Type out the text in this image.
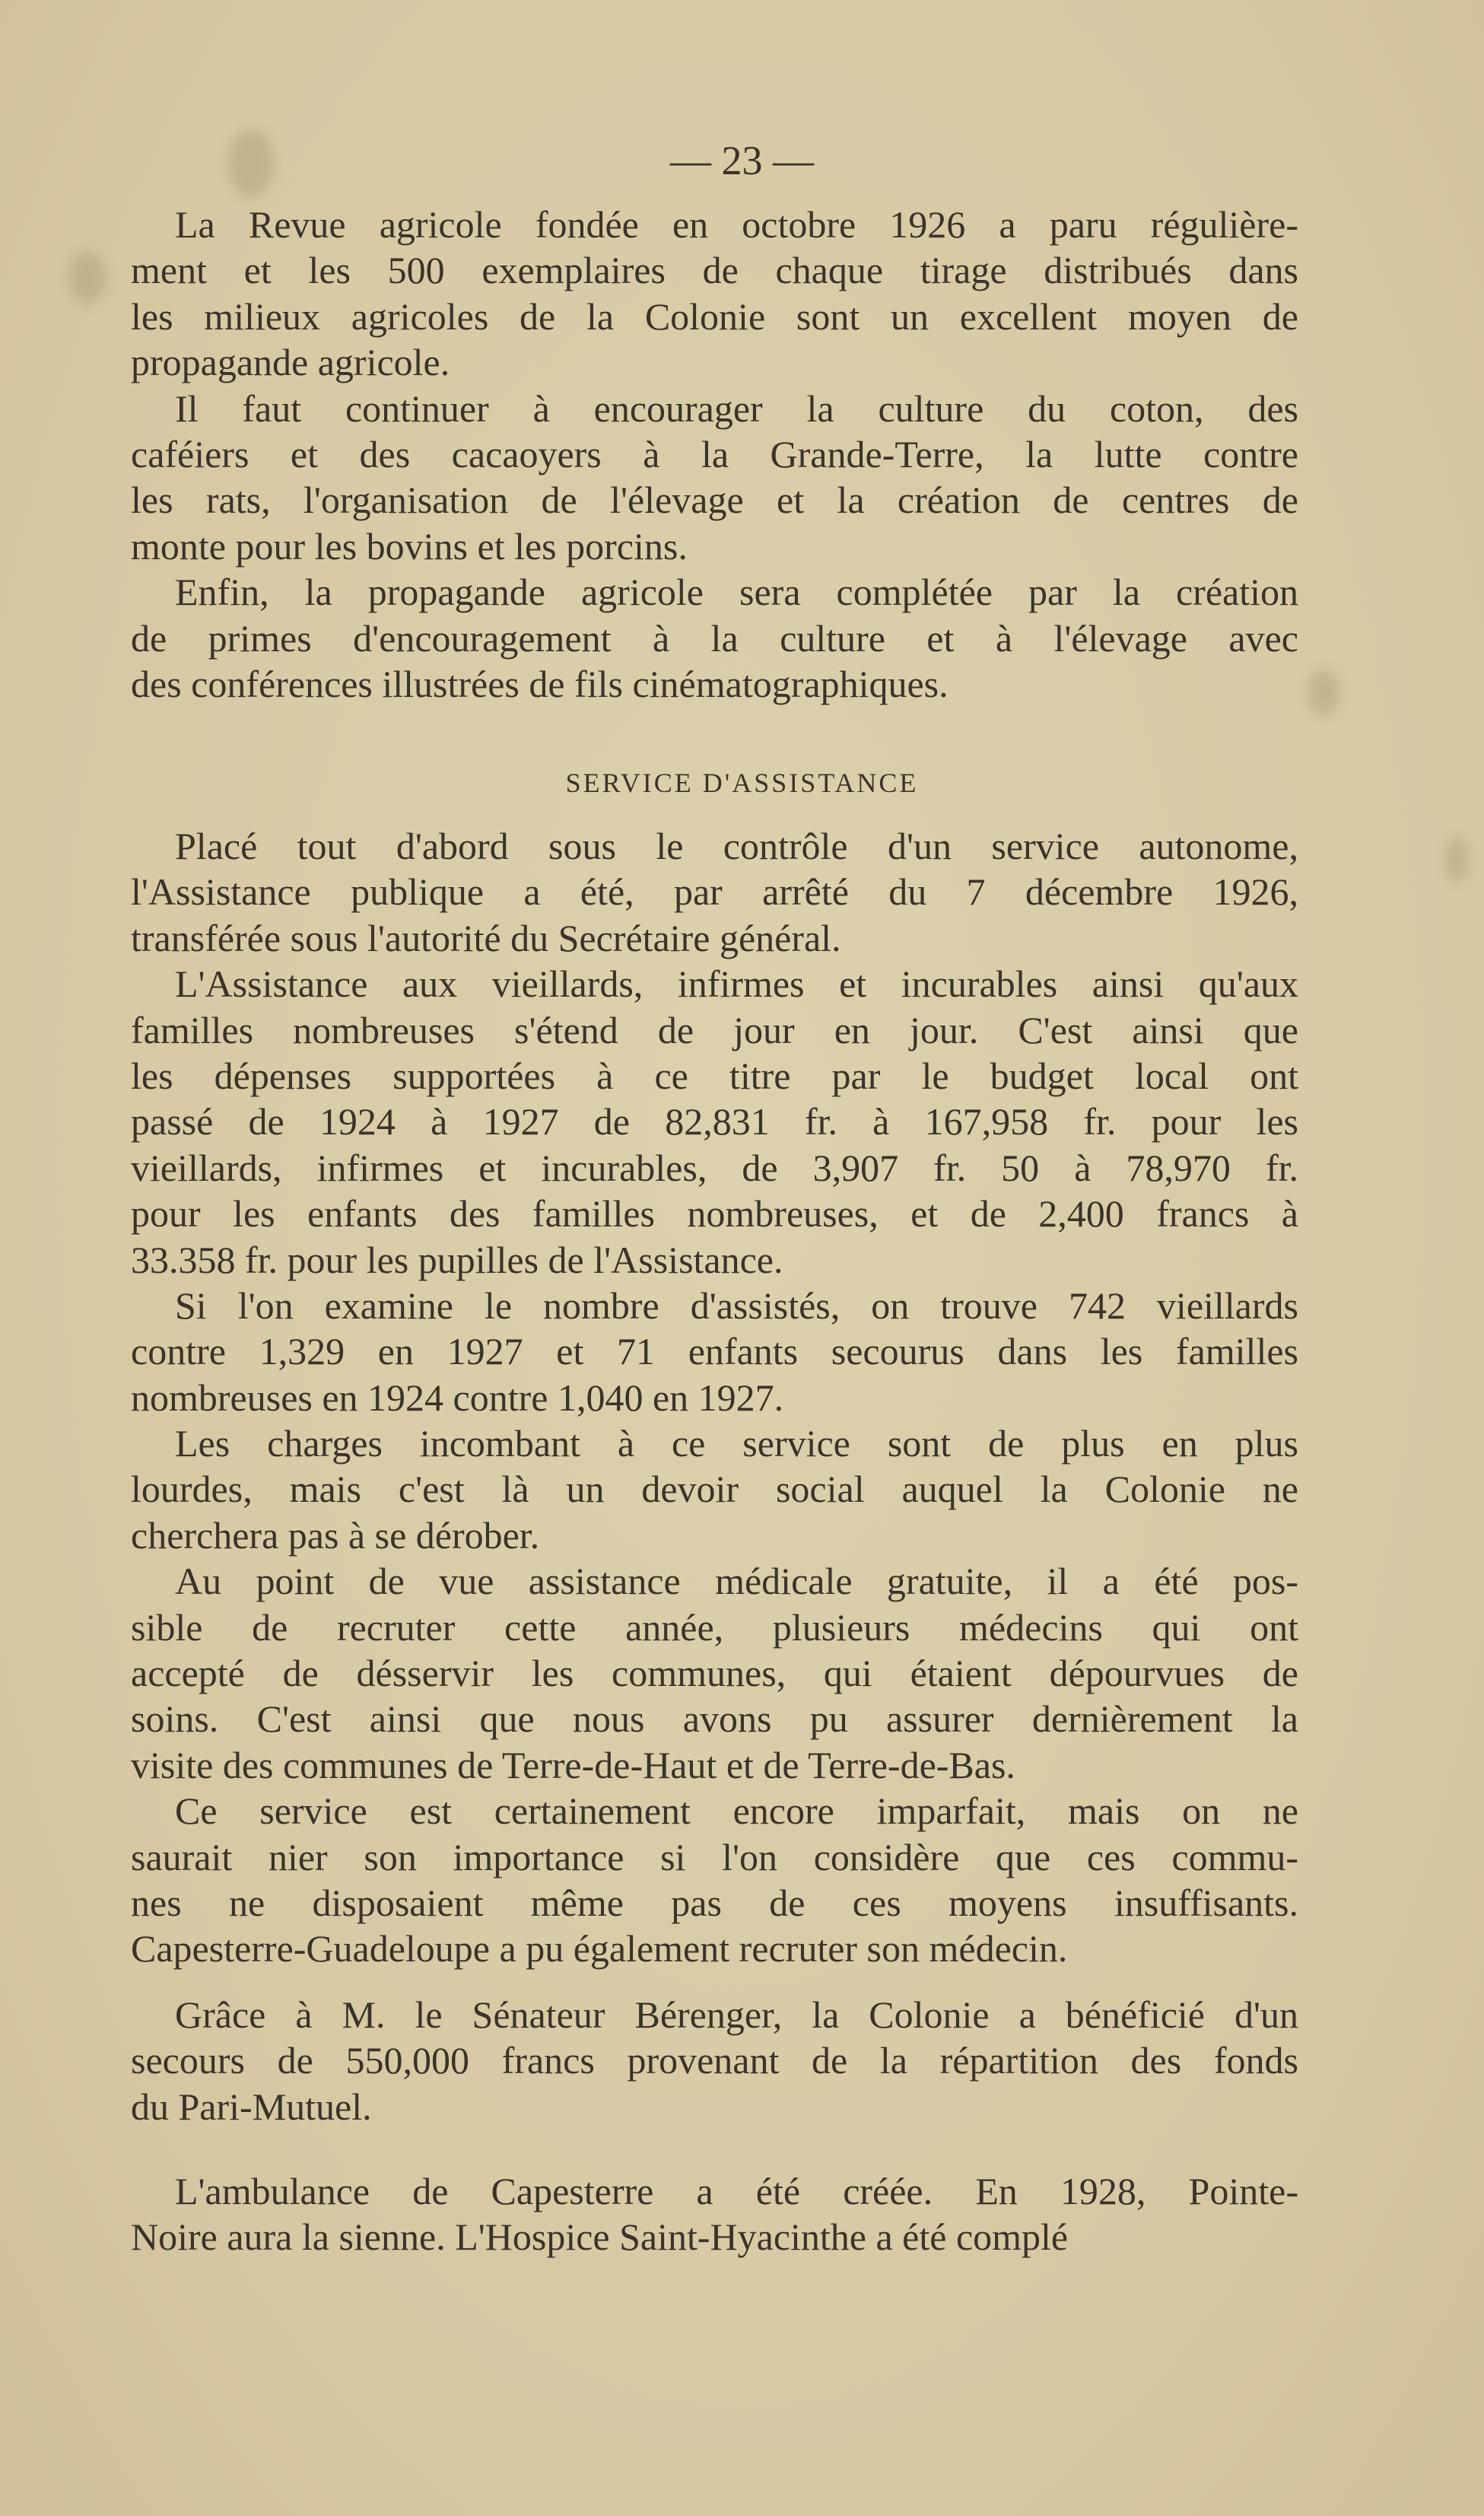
— 23 —
SERVICE D'ASSISTANCE
La Revue agricole fondée en octobre 1926 a paru régulière-
ment et les 500 exemplaires de chaque tirage distribués dans
les milieux agricoles de la Colonie sont un excellent moyen de
propagande agricole.
Il faut continuer à encourager la culture du coton, des
caféiers et des cacaoyers à la Grande-Terre, la lutte contre
les rats, l'organisation de l'élevage et la création de centres de
monte pour les bovins et les porcins.
Enfin, la propagande agricole sera complétée par la création
de primes d'encouragement à la culture et à l'élevage avec
des conférences illustrées de fils cinématographiques.
Placé tout d'abord sous le contrôle d'un service autonome,
l'Assistance publique a été, par arrêté du 7 décembre 1926,
transférée sous l'autorité du Secrétaire général.
L'Assistance aux vieillards, infirmes et incurables ainsi qu'aux
familles nombreuses s'étend de jour en jour. C'est ainsi que
les dépenses supportées à ce titre par le budget local ont
passé de 1924 à 1927 de 82,831 fr. à 167,958 fr. pour les
vieillards, infirmes et incurables, de 3,907 fr. 50 à 78,970 fr.
pour les enfants des familles nombreuses, et de 2,400 francs à
33.358 fr. pour les pupilles de l'Assistance.
Si l'on examine le nombre d'assistés, on trouve 742 vieillards
contre 1,329 en 1927 et 71 enfants secourus dans les familles
nombreuses en 1924 contre 1,040 en 1927.
Les charges incombant à ce service sont de plus en plus
lourdes, mais c'est là un devoir social auquel la Colonie ne
cherchera pas à se dérober.
Au point de vue assistance médicale gratuite, il a été pos-
sible de recruter cette année, plusieurs médecins qui ont
accepté de désservir les communes, qui étaient dépourvues de
soins. C'est ainsi que nous avons pu assurer dernièrement la
visite des communes de Terre-de-Haut et de Terre-de-Bas.
Ce service est certainement encore imparfait, mais on ne
saurait nier son importance si l'on considère que ces commu-
nes ne disposaient même pas de ces moyens insuffisants.
Capesterre-Guadeloupe a pu également recruter son médecin.
Grâce à M. le Sénateur Bérenger, la Colonie a bénéficié d'un
secours de 550,000 francs provenant de la répartition des fonds
du Pari-Mutuel.
L'ambulance de Capesterre a été créée. En 1928, Pointe-
Noire aura la sienne. L'Hospice Saint-Hyacinthe a été complé
